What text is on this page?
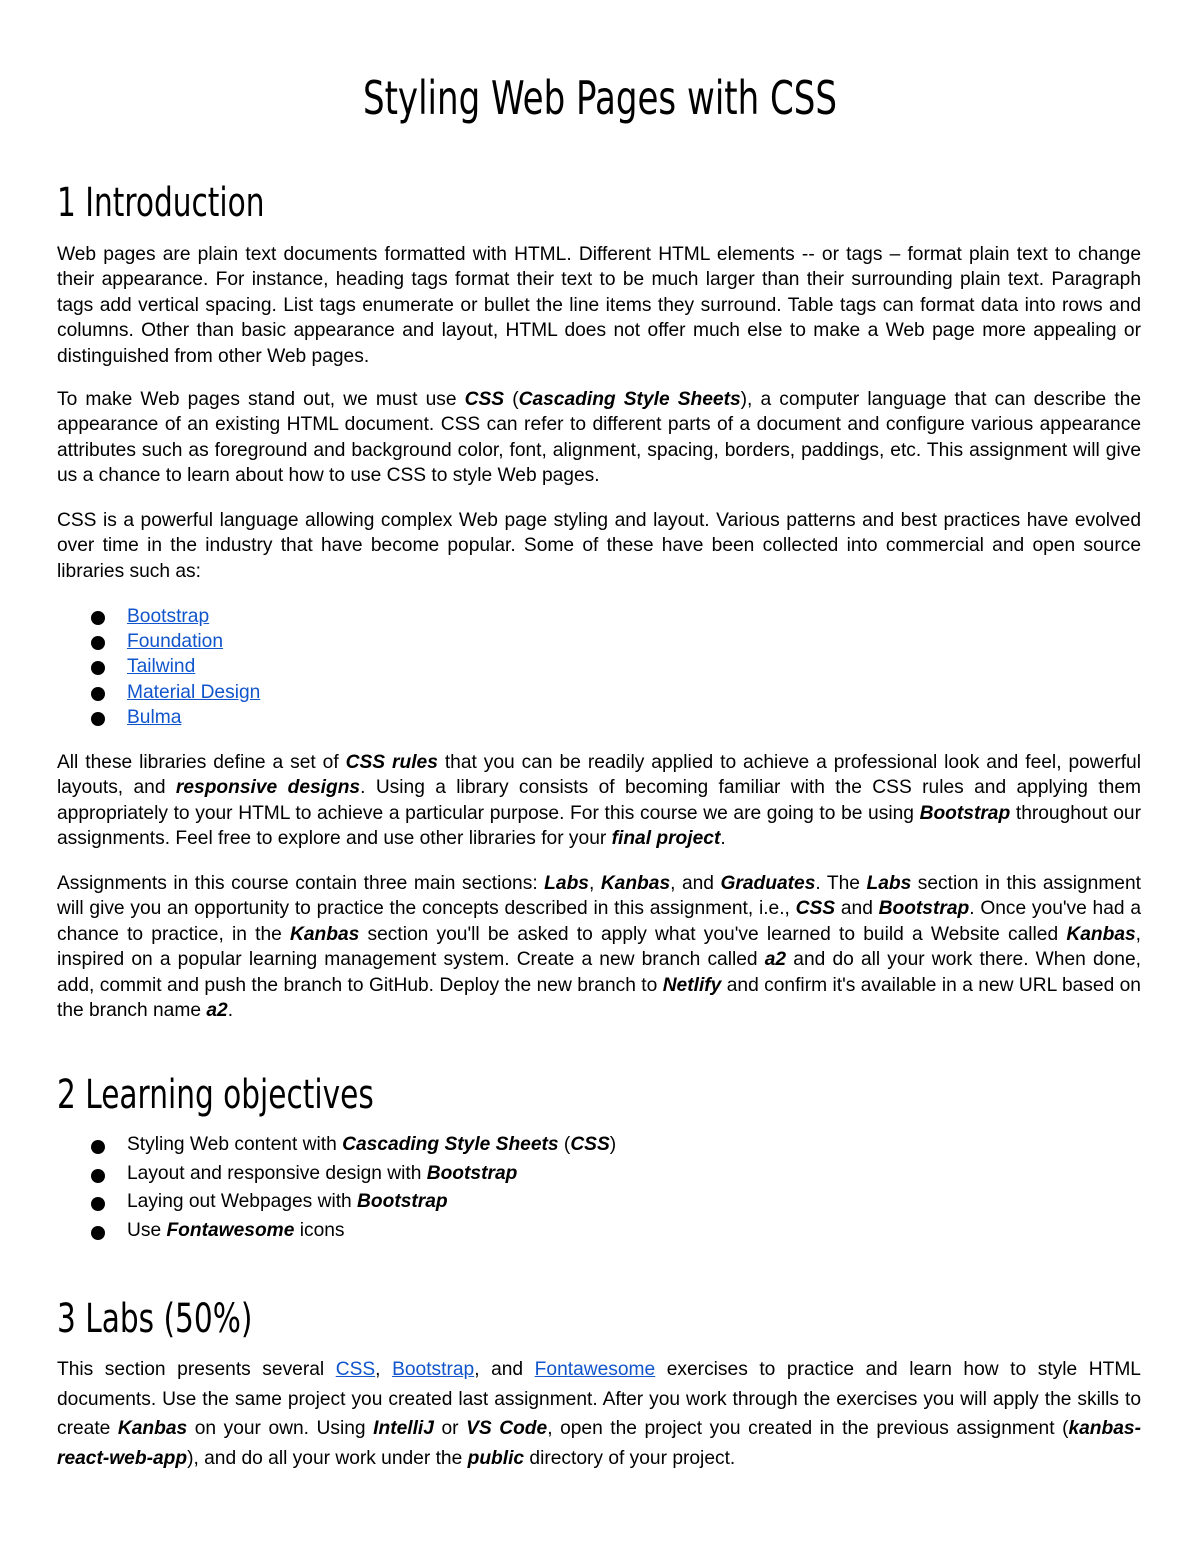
Styling Web Pages with CSS
1 Introduction

Web pages are plain text documents formatted with HTML. Different HTML elements -- or tags – format plain text to change their appearance. For instance, heading tags format their text to be much larger than their surrounding plain text. Paragraph tags add vertical spacing. List tags enumerate or bullet the line items they surround. Table tags can format data into rows and columns. Other than basic appearance and layout, HTML does not offer much else to make a Web page more appealing or distinguished from other Web pages.

To make Web pages stand out, we must use CSS (Cascading Style Sheets), a computer language that can describe the appearance of an existing HTML document. CSS can refer to different parts of a document and configure various appearance attributes such as foreground and background color, font, alignment, spacing, borders, paddings, etc. This assignment will give us a chance to learn about how to use CSS to style Web pages.

CSS is a powerful language allowing complex Web page styling and layout. Various patterns and best practices have evolved over time in the industry that have become popular. Some of these have been collected into commercial and open source libraries such as:

Bootstrap
Foundation
Tailwind
Material Design
Bulma

All these libraries define a set of CSS rules that you can be readily applied to achieve a professional look and feel, powerful layouts, and responsive designs. Using a library consists of becoming familiar with the CSS rules and applying them appropriately to your HTML to achieve a particular purpose. For this course we are going to be using Bootstrap throughout our assignments. Feel free to explore and use other libraries for your final project.

Assignments in this course contain three main sections: Labs, Kanbas, and Graduates. The Labs section in this assignment will give you an opportunity to practice the concepts described in this assignment, i.e., CSS and Bootstrap. Once you've had a chance to practice, in the Kanbas section you'll be asked to apply what you've learned to build a Website called Kanbas, inspired on a popular learning management system. Create a new branch called a2 and do all your work there. When done, add, commit and push the branch to GitHub. Deploy the new branch to Netlify and confirm it's available in a new URL based on the branch name a2.

2 Learning objectives
Styling Web content with Cascading Style Sheets (CSS)
Layout and responsive design with Bootstrap
Laying out Webpages with Bootstrap
Use Fontawesome icons
3 Labs (50%)

This section presents several CSS, Bootstrap, and Fontawesome exercises to practice and learn how to style HTML documents. Use the same project you created last assignment. After you work through the exercises you will apply the skills to create Kanbas on your own. Using IntelliJ or VS Code, open the project you created in the previous assignment (kanbas-react-web-app), and do all your work under the public directory of your project.
